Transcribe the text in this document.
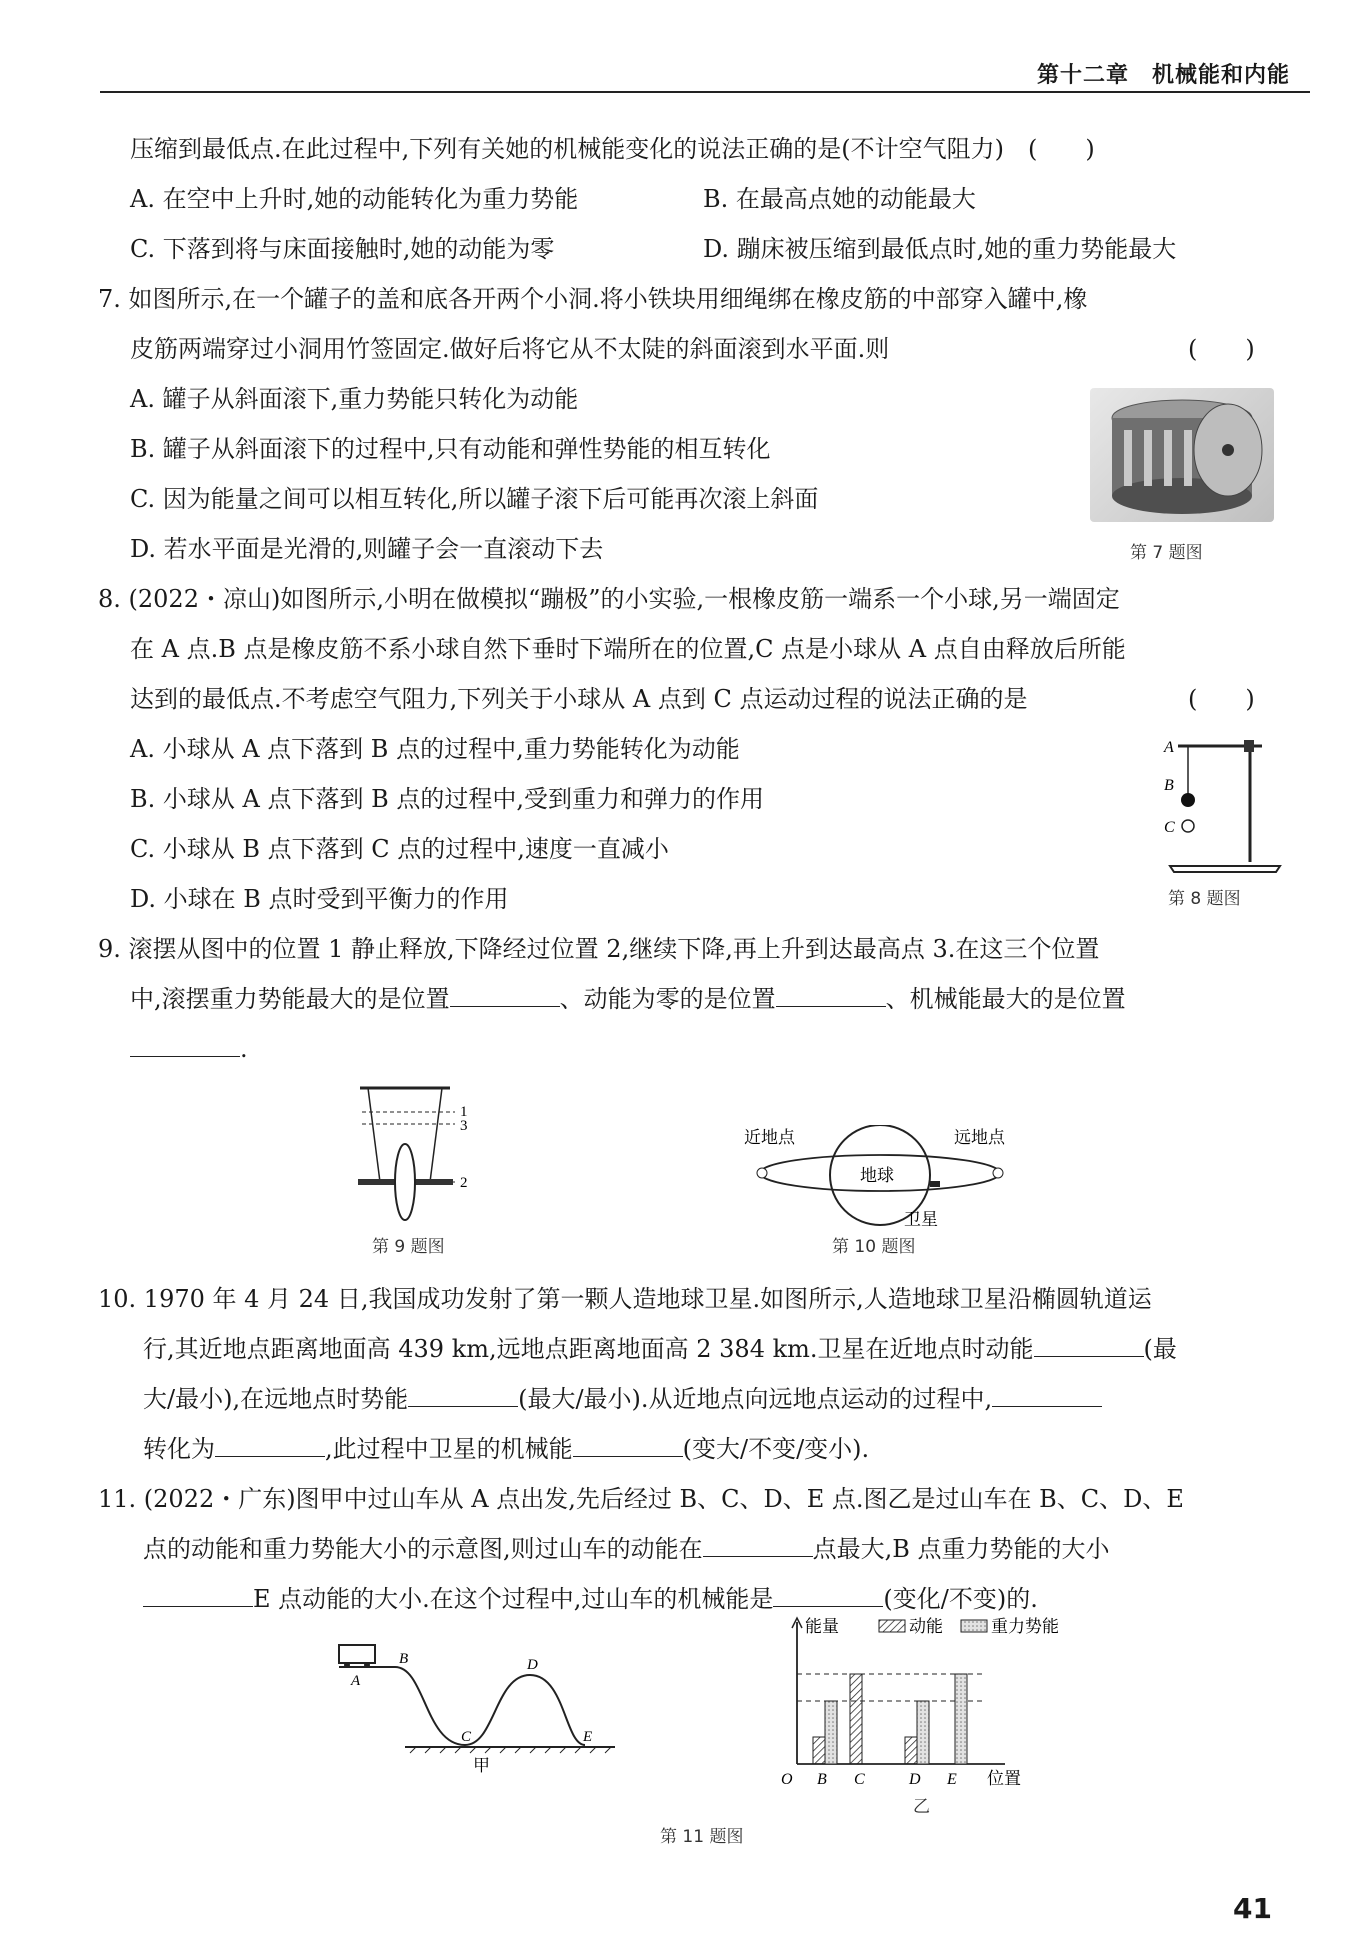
第十二章　机械能和内能
压缩到最低点.在此过程中,下列有关她的机械能变化的说法正确的是(不计空气阻力)　(　　)
A. 在空中上升时,她的动能转化为重力势能	B. 在最高点她的动能最大
C. 下落到将与床面接触时,她的动能为零	D. 蹦床被压缩到最低点时,她的重力势能最大
7. 如图所示,在一个罐子的盖和底各开两个小洞.将小铁块用细绳绑在橡皮筋的中部穿入罐中,橡
皮筋两端穿过小洞用竹签固定.做好后将它从不太陡的斜面滚到水平面.则	(　　)
A. 罐子从斜面滚下,重力势能只转化为动能
B. 罐子从斜面滚下的过程中,只有动能和弹性势能的相互转化
C. 因为能量之间可以相互转化,所以罐子滚下后可能再次滚上斜面
D. 若水平面是光滑的,则罐子会一直滚动下去	第 7 题图
8. (2022・凉山)如图所示,小明在做模拟“蹦极”的小实验,一根橡皮筋一端系一个小球,另一端固定
在 A 点.B 点是橡皮筋不系小球自然下垂时下端所在的位置,C 点是小球从 A 点自由释放后所能
达到的最低点.不考虑空气阻力,下列关于小球从 A 点到 C 点运动过程的说法正确的是	(　　)
A. 小球从 A 点下落到 B 点的过程中,重力势能转化为动能
B. 小球从 A 点下落到 B 点的过程中,受到重力和弹力的作用
C. 小球从 B 点下落到 C 点的过程中,速度一直减小
D. 小球在 B 点时受到平衡力的作用
A
B
C
第 8 题图
9. 滚摆从图中的位置 1 静止释放,下降经过位置 2,继续下降,再上升到达最高点 3.在这三个位置
中,滚摆重力势能最大的是位置	、动能为零的是位置	、机械能最大的是位置
.
1
3
2
第 9 题图
近地点	远地点
地球
卫星
第 10 题图
10. 1970 年 4 月 24 日,我国成功发射了第一颗人造地球卫星.如图所示,人造地球卫星沿椭圆轨道运
行,其近地点距离地面高 439 km,远地点距离地面高 2 384 km.卫星在近地点时动能	(最
大/最小),在远地点时势能	(最大/最小).从近地点向远地点运动的过程中,
转化为	,此过程中卫星的机械能	(变大/不变/变小).
11. (2022・广东)图甲中过山车从 A 点出发,先后经过 B、C、D、E 点.图乙是过山车在 B、C、D、E
点的动能和重力势能大小的示意图,则过山车的动能在	点最大,B 点重力势能的大小
E 点动能的大小.在这个过程中,过山车的机械能是	(变化/不变)的.
A
B
C
D
E
甲
能量	动能	重力势能
B C	D E
O	位置
乙
第 11 题图
41
